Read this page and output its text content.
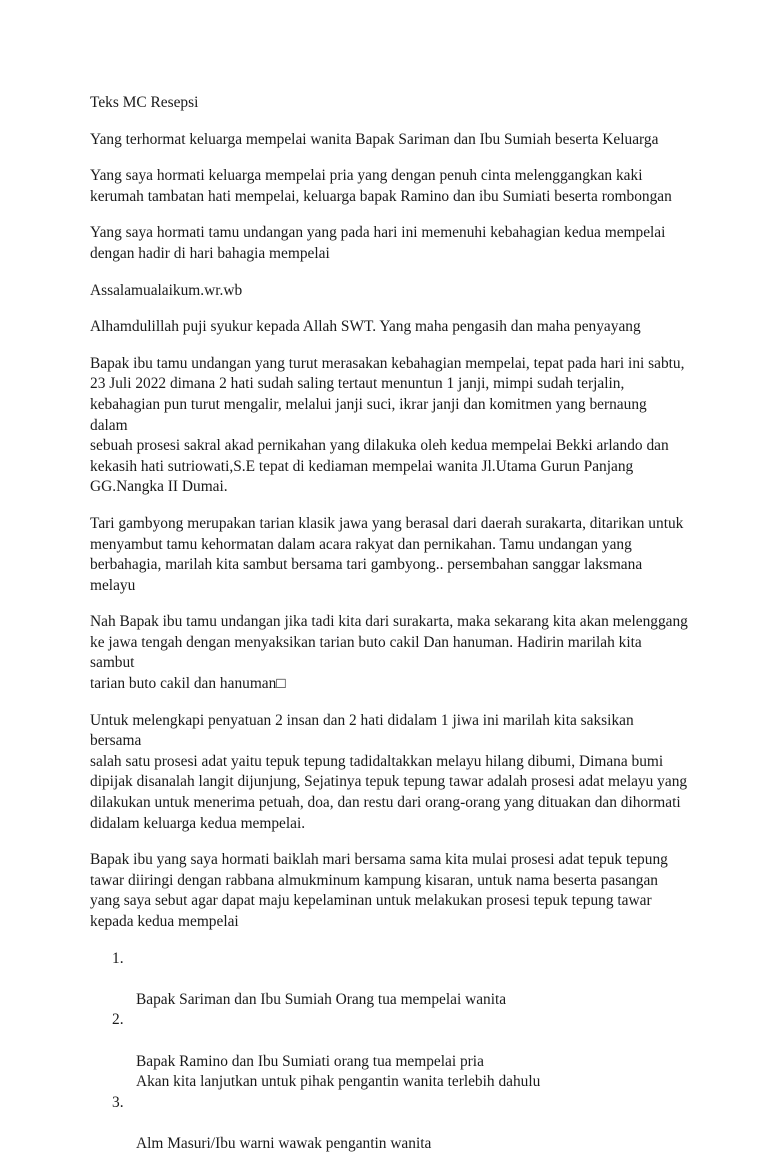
Teks MC Resepsi

Yang terhormat keluarga mempelai wanita Bapak Sariman dan Ibu Sumiah beserta Keluarga

Yang saya hormati keluarga mempelai pria yang dengan penuh cinta melenggangkan kaki
kerumah tambatan hati mempelai, keluarga bapak Ramino dan ibu Sumiati beserta rombongan

Yang saya hormati tamu undangan yang pada hari ini memenuhi kebahagian kedua mempelai
dengan hadir di hari bahagia mempelai

Assalamualaikum.wr.wb

Alhamdulillah puji syukur kepada Allah SWT. Yang maha pengasih dan maha penyayang

Bapak ibu tamu undangan yang turut merasakan kebahagian mempelai, tepat pada hari ini sabtu,
23 Juli 2022 dimana 2 hati sudah saling tertaut menuntun 1 janji, mimpi sudah terjalin,
kebahagian pun turut mengalir, melalui janji suci, ikrar janji dan komitmen yang bernaung dalam
sebuah prosesi sakral akad pernikahan yang dilakuka oleh kedua mempelai Bekki arlando dan
kekasih hati sutriowati,S.E tepat di kediaman mempelai wanita Jl.Utama Gurun Panjang
GG.Nangka II Dumai.

Tari gambyong merupakan tarian klasik jawa yang berasal dari daerah surakarta, ditarikan untuk
menyambut tamu kehormatan dalam acara rakyat dan pernikahan. Tamu undangan yang
berbahagia, marilah kita sambut bersama tari gambyong.. persembahan sanggar laksmana
melayu

Nah Bapak ibu tamu undangan jika tadi kita dari surakarta, maka sekarang kita akan melenggang
ke jawa tengah dengan menyaksikan tarian buto cakil Dan hanuman. Hadirin marilah kita sambut
tarian buto cakil dan hanuman□

Untuk melengkapi penyatuan 2 insan dan 2 hati didalam 1 jiwa ini marilah kita saksikan bersama
salah satu prosesi adat yaitu tepuk tepung tadidaltakkan melayu hilang dibumi, Dimana bumi
dipijak disanalah langit dijunjung, Sejatinya tepuk tepung tawar adalah prosesi adat melayu yang
dilakukan untuk menerima petuah, doa, dan restu dari orang-orang yang dituakan dan dihormati
didalam keluarga kedua mempelai.

Bapak ibu yang saya hormati baiklah mari bersama sama kita mulai prosesi adat tepuk tepung
tawar diiringi dengan rabbana almukminum kampung kisaran, untuk nama beserta pasangan
yang saya sebut agar dapat maju kepelaminan untuk melakukan prosesi tepuk tepung tawar
kepada kedua mempelai

1.

Bapak Sariman dan Ibu Sumiah Orang tua mempelai wanita

2.

Bapak Ramino dan Ibu Sumiati orang tua mempelai pria
Akan kita lanjutkan untuk pihak pengantin wanita terlebih dahulu

3.

Alm Masuri/Ibu warni wawak pengantin wanita
